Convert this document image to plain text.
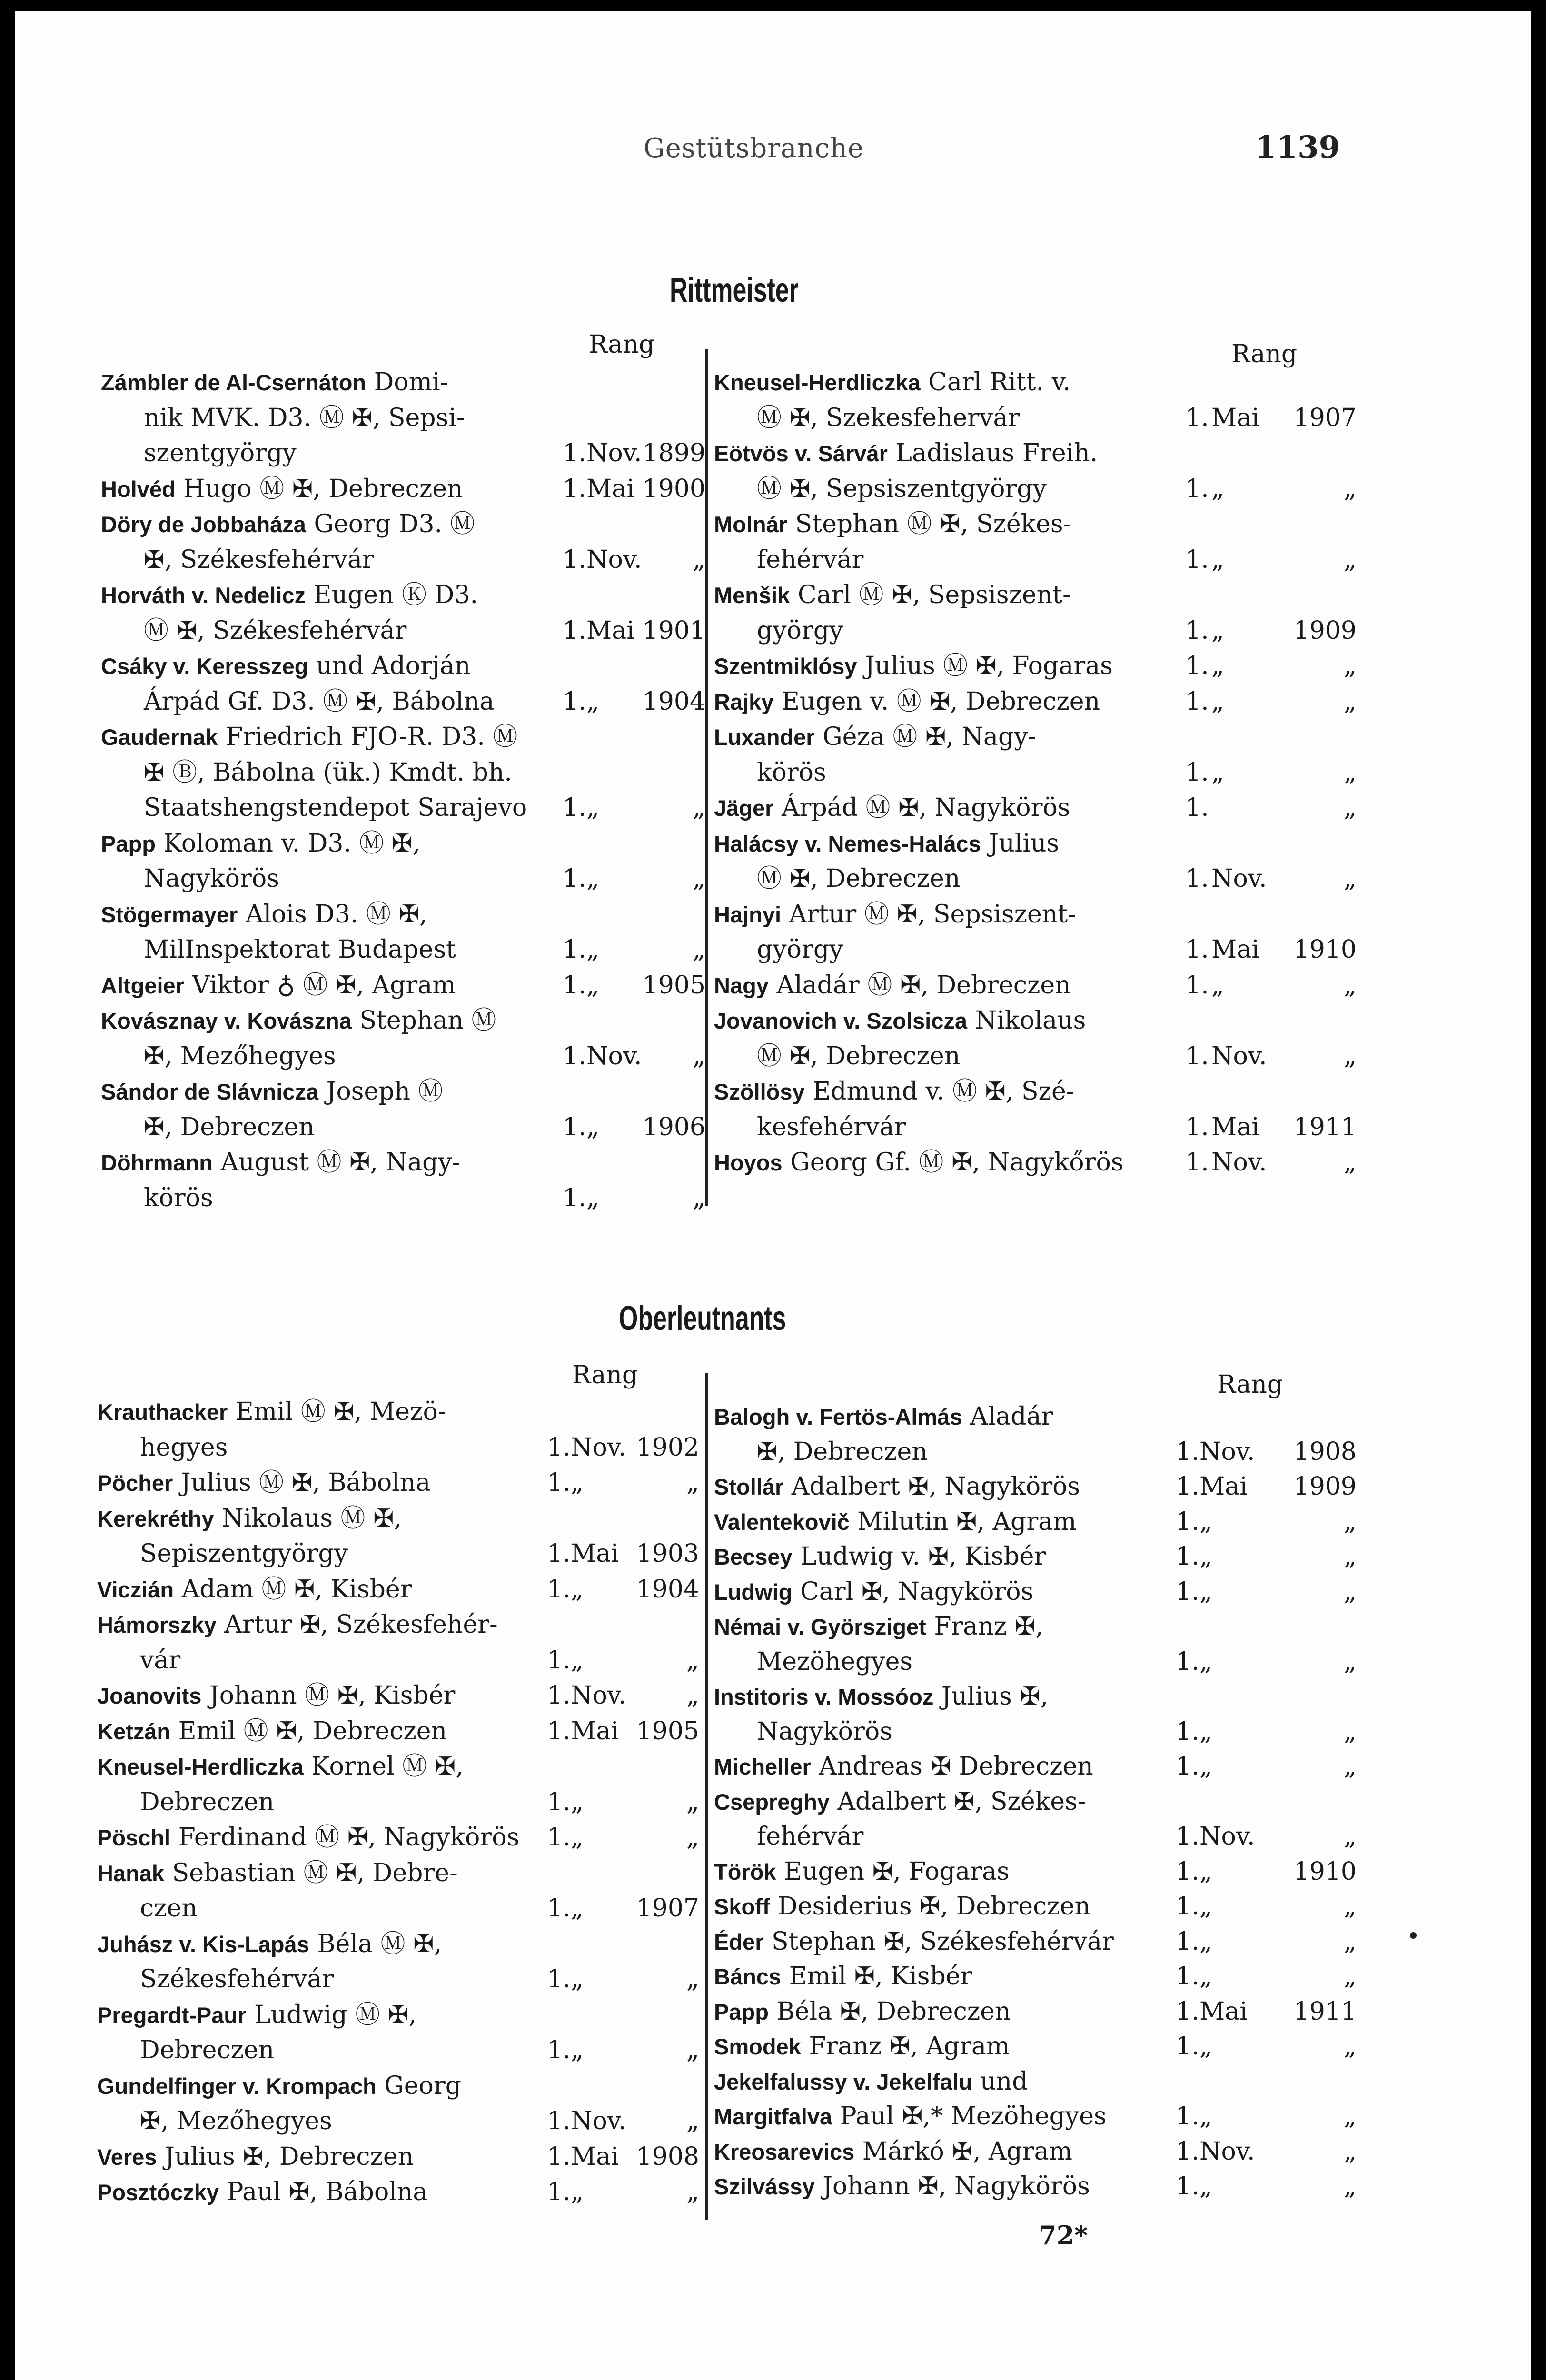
Gestütsbranche	1139
Rittmeister
Rang	Rang
Zámbler de Al-Csernáton Domi-
nik MVK. D3. Ⓜ ✠, Sepsi-
szentgyörgy	1. Nov. 1899
Holvéd Hugo Ⓜ ✠, Debreczen	1. Mai 1900
Döry de Jobbaháza Georg D3. Ⓜ
✠, Székesfehérvár	1. Nov. „
Horváth v. Nedelicz Eugen Ⓚ D3.
Ⓜ ✠, Székesfehérvár	1. Mai 1901
Csáky v. Keresszeg und Adorján
Árpád Gf. D3. Ⓜ ✠, Bábolna	1. „ 1904
Gaudernak Friedrich FJO-R. D3. Ⓜ
✠ Ⓑ, Bábolna (ük.) Kmdt. bh.
Staatshengstendepot Sarajevo 1. „	„
Papp Koloman v. D3. Ⓜ ✠,
Nagykörös	1. „	„
Stögermayer Alois D3. Ⓜ ✠,
MilInspektorat Budapest	1. „	„
Altgeier Viktor ♁ Ⓜ ✠, Agram	1. „ 1905
Kovásznay v. Kovászna Stephan Ⓜ
✠, Mezőhegyes	1. Nov. „
Sándor de Slávnicza Joseph Ⓜ
✠, Debreczen	1. „ 1906
Döhrmann August Ⓜ ✠, Nagy-
körös	1. „	„
Kneusel-Herdliczka Carl Ritt. v.
Ⓜ ✠, Szekesfehervár	1. Mai 1907
Eötvös v. Sárvár Ladislaus Freih.
Ⓜ ✠, Sepsiszentgyörgy	1. „	„
Molnár Stephan Ⓜ ✠, Székes-
fehérvár	1. „	„
Menšik Carl Ⓜ ✠, Sepsiszent-
györgy	1. „	1909
Szentmiklósy Julius Ⓜ ✠, Fogaras	1. „	„
Rajky Eugen v. Ⓜ ✠, Debreczen	1. „	„
Luxander Géza Ⓜ ✠, Nagy-
körös	1. „	„
Jäger Árpád Ⓜ ✠, Nagykörös	1.	„
Halácsy v. Nemes-Halács Julius
Ⓜ ✠, Debreczen	1. Nov.	„
Hajnyi Artur Ⓜ ✠, Sepsiszent-
györgy	1. Mai 1910
Nagy Aladár Ⓜ ✠, Debreczen	1. „	„
Jovanovich v. Szolsicza Nikolaus
Ⓜ ✠, Debreczen	1. Nov.	„
Szöllösy Edmund v. Ⓜ ✠, Szé-
kesfehérvár	1. Mai 1911
Hoyos Georg Gf. Ⓜ ✠, Nagykőrös 1. Nov.	„
Oberleutnants
Rang	Rang
Krauthacker Emil Ⓜ ✠, Mezö-
hegyes	1. Nov. 1902
Pöcher Julius Ⓜ ✠, Bábolna	1. „	„
Kerekréthy Nikolaus Ⓜ ✠,
Sepiszentgyörgy	1. Mai 1903
Viczián Adam Ⓜ ✠, Kisbér	1. „ 1904
Hámorszky Artur ✠, Székesfehér-
vár	1. „	„
Joanovits Johann Ⓜ ✠, Kisbér	1. Nov. „
Ketzán Emil Ⓜ ✠, Debreczen	1. Mai 1905
Kneusel-Herdliczka Kornel Ⓜ ✠,
Debreczen	1. „	„
Pöschl Ferdinand Ⓜ ✠, Nagykörös 1. „	„
Hanak Sebastian Ⓜ ✠, Debre-
czen	1. „ 1907
Juhász v. Kis-Lapás Béla Ⓜ ✠,
Székesfehérvár	1. „	„
Pregardt-Paur Ludwig Ⓜ ✠,
Debreczen	1. „	„
Gundelfinger v. Krompach Georg
✠, Mezőhegyes	1. Nov. „
Veres Julius ✠, Debreczen	1. Mai 1908
Posztóczky Paul ✠, Bábolna	1. „	„
Balogh v. Fertös-Almás Aladár
✠, Debreczen	1. Nov. 1908
Stollár Adalbert ✠, Nagykörös	1. Mai 1909
Valentekovič Milutin ✠, Agram	1. „	„
Becsey Ludwig v. ✠, Kisbér	1. „	„
Ludwig Carl ✠, Nagykörös	1. „	„
Némai v. Györsziget Franz ✠,
Mezöhegyes	1. „	„
Institoris v. Mossóoz Julius ✠,
Nagykörös	1. „	„
Micheller Andreas ✠ Debreczen	1. „	„
Csepreghy Adalbert ✠, Székes-
fehérvár	1. Nov.	„
Török Eugen ✠, Fogaras	1. „	1910
Skoff Desiderius ✠, Debreczen	1. „	„
Éder Stephan ✠, Székesfehérvár	1. „	„
Báncs Emil ✠, Kisbér	1. „	„
Papp Béla ✠, Debreczen	1. Mai 1911
Smodek Franz ✠, Agram	1. „	„
Jekelfalussy v. Jekelfalu und
Margitfalva Paul ✠,* Mezöhegyes	1. „	„
Kreosarevics Márkó ✠, Agram	1. Nov.	„
Szilvássy Johann ✠, Nagykörös	1. „	„
72*
